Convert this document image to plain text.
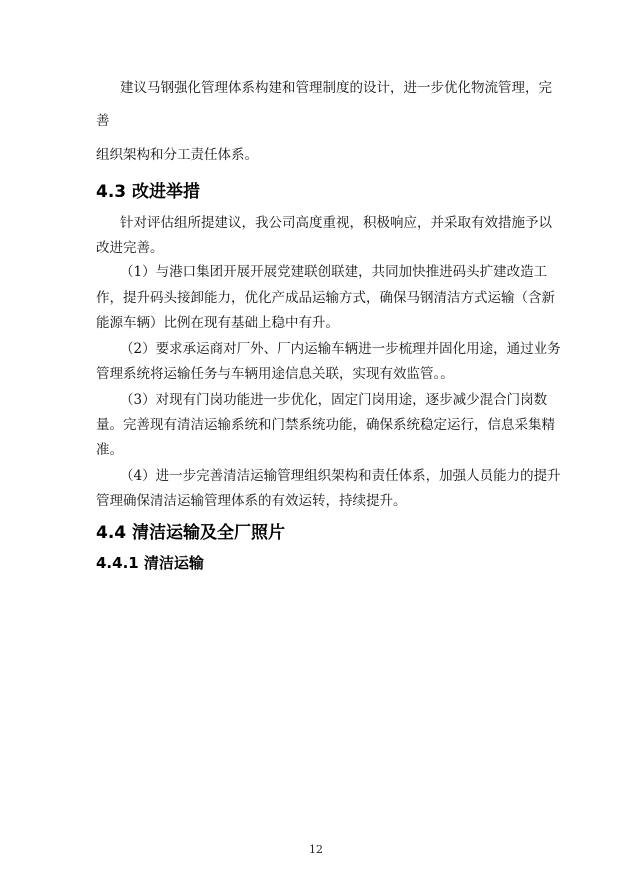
建议马钢强化管理体系构建和管理制度的设计，进一步优化物流管理，完
善
组织架构和分工责任体系。
4.3 改进举措
针对评估组所提建议，我公司高度重视，积极响应，并采取有效措施予以
改进完善。
（1）与港口集团开展开展党建联创联建，共同加快推进码头扩建改造工
作，提升码头接卸能力，优化产成品运输方式，确保马钢清洁方式运输（含新
能源车辆）比例在现有基础上稳中有升。
（2）要求承运商对厂外、厂内运输车辆进一步梳理并固化用途，通过业务
管理系统将运输任务与车辆用途信息关联，实现有效监管。。
（3）对现有门岗功能进一步优化，固定门岗用途，逐步减少混合门岗数
量。完善现有清洁运输系统和门禁系统功能，确保系统稳定运行，信息采集精
准。
（4）进一步完善清洁运输管理组织架构和责任体系，加强人员能力的提升
管理确保清洁运输管理体系的有效运转，持续提升。
4.4 清洁运输及全厂照片
4.4.1 清洁运输
12
